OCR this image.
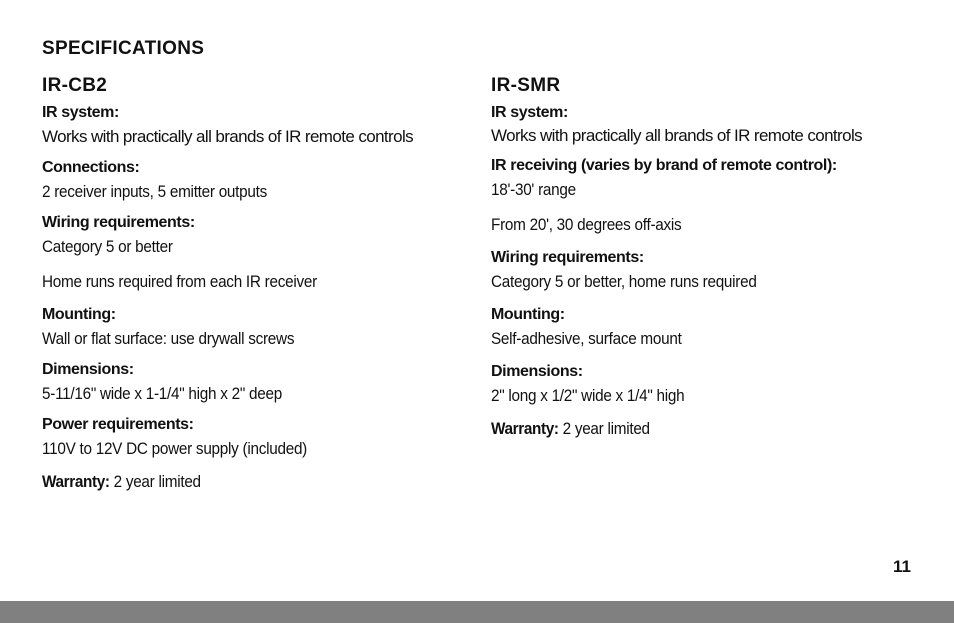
SPECIFICATIONS
IR-CB2
IR system:
Works with practically all brands of IR remote controls
Connections:
2 receiver inputs, 5 emitter outputs
Wiring requirements:
Category 5 or better
Home runs required from each IR receiver
Mounting:
Wall or flat surface: use drywall screws
Dimensions:
5-11/16" wide x 1-1/4" high x 2" deep
Power requirements:
110V to 12V DC power supply (included)
Warranty: 2 year limited
IR-SMR
IR system:
Works with practically all brands of IR remote controls
IR receiving (varies by brand of remote control):
18'-30' range
From 20', 30 degrees off-axis
Wiring requirements:
Category 5 or better, home runs required
Mounting:
Self-adhesive, surface mount
Dimensions:
2" long x 1/2" wide x 1/4" high
Warranty: 2 year limited
11
